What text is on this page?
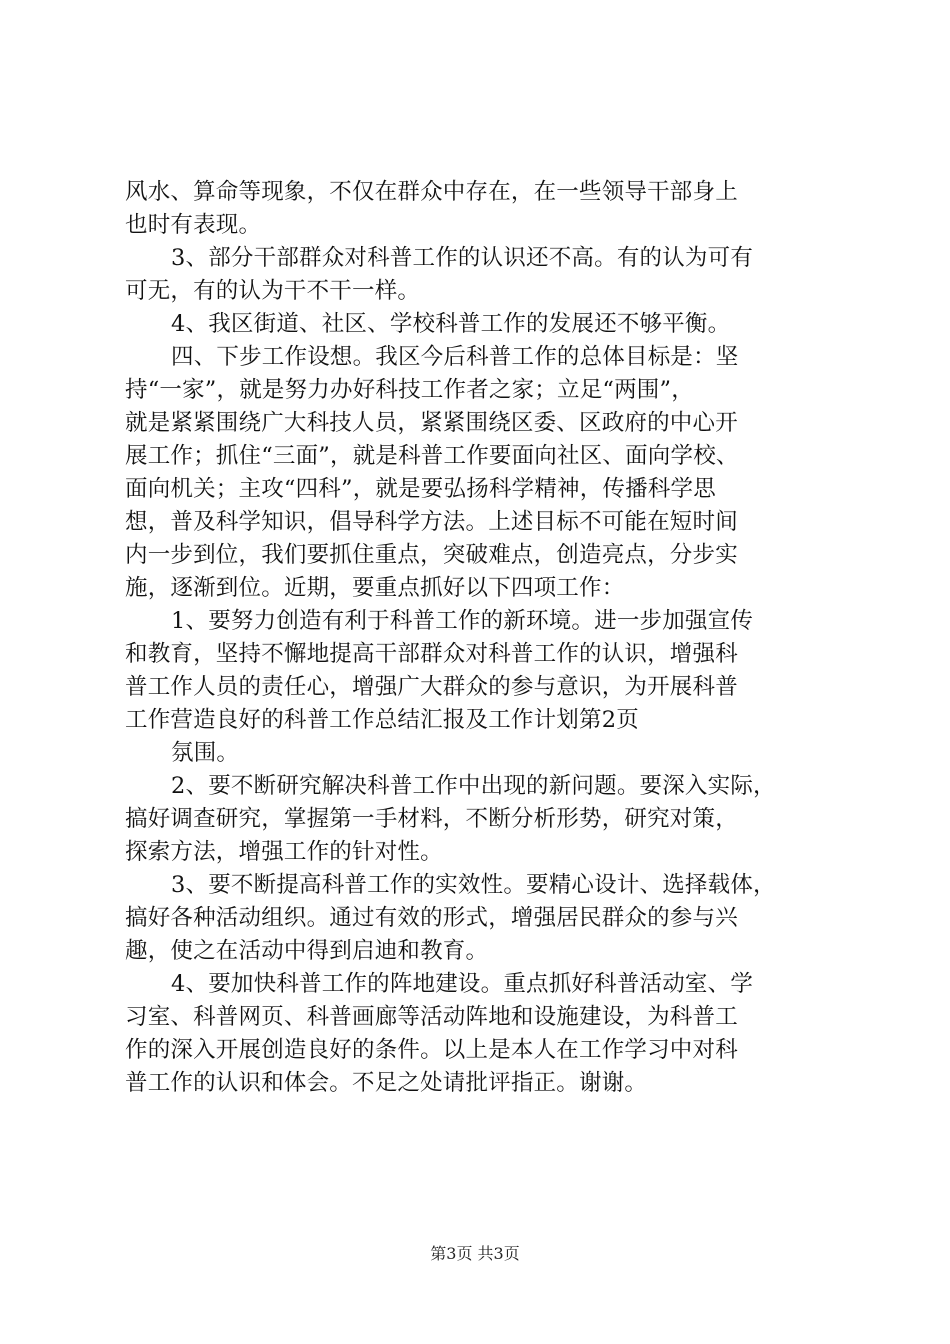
风水、算命等现象，不仅在群众中存在，在一些领导干部身上
也时有表现。
3、部分干部群众对科普工作的认识还不高。有的认为可有
可无，有的认为干不干一样。
4、我区街道、社区、学校科普工作的发展还不够平衡。
四、下步工作设想。我区今后科普工作的总体目标是：坚
持“一家”，就是努力办好科技工作者之家；立足“两围”，
就是紧紧围绕广大科技人员，紧紧围绕区委、区政府的中心开
展工作；抓住“三面”，就是科普工作要面向社区、面向学校、
面向机关；主攻“四科”，就是要弘扬科学精神，传播科学思
想，普及科学知识，倡导科学方法。上述目标不可能在短时间
内一步到位，我们要抓住重点，突破难点，创造亮点，分步实
施，逐渐到位。近期，要重点抓好以下四项工作：
1、要努力创造有利于科普工作的新环境。进一步加强宣传
和教育，坚持不懈地提高干部群众对科普工作的认识，增强科
普工作人员的责任心，增强广大群众的参与意识，为开展科普
工作营造良好的科普工作总结汇报及工作计划第2页
氛围。
2、要不断研究解决科普工作中出现的新问题。要深入实际，
搞好调查研究，掌握第一手材料，不断分析形势，研究对策，
探索方法，增强工作的针对性。
3、要不断提高科普工作的实效性。要精心设计、选择载体，
搞好各种活动组织。通过有效的形式，增强居民群众的参与兴
趣，使之在活动中得到启迪和教育。
4、要加快科普工作的阵地建设。重点抓好科普活动室、学
习室、科普网页、科普画廊等活动阵地和设施建设，为科普工
作的深入开展创造良好的条件。以上是本人在工作学习中对科
普工作的认识和体会。不足之处请批评指正。谢谢。
第3页 共3页
